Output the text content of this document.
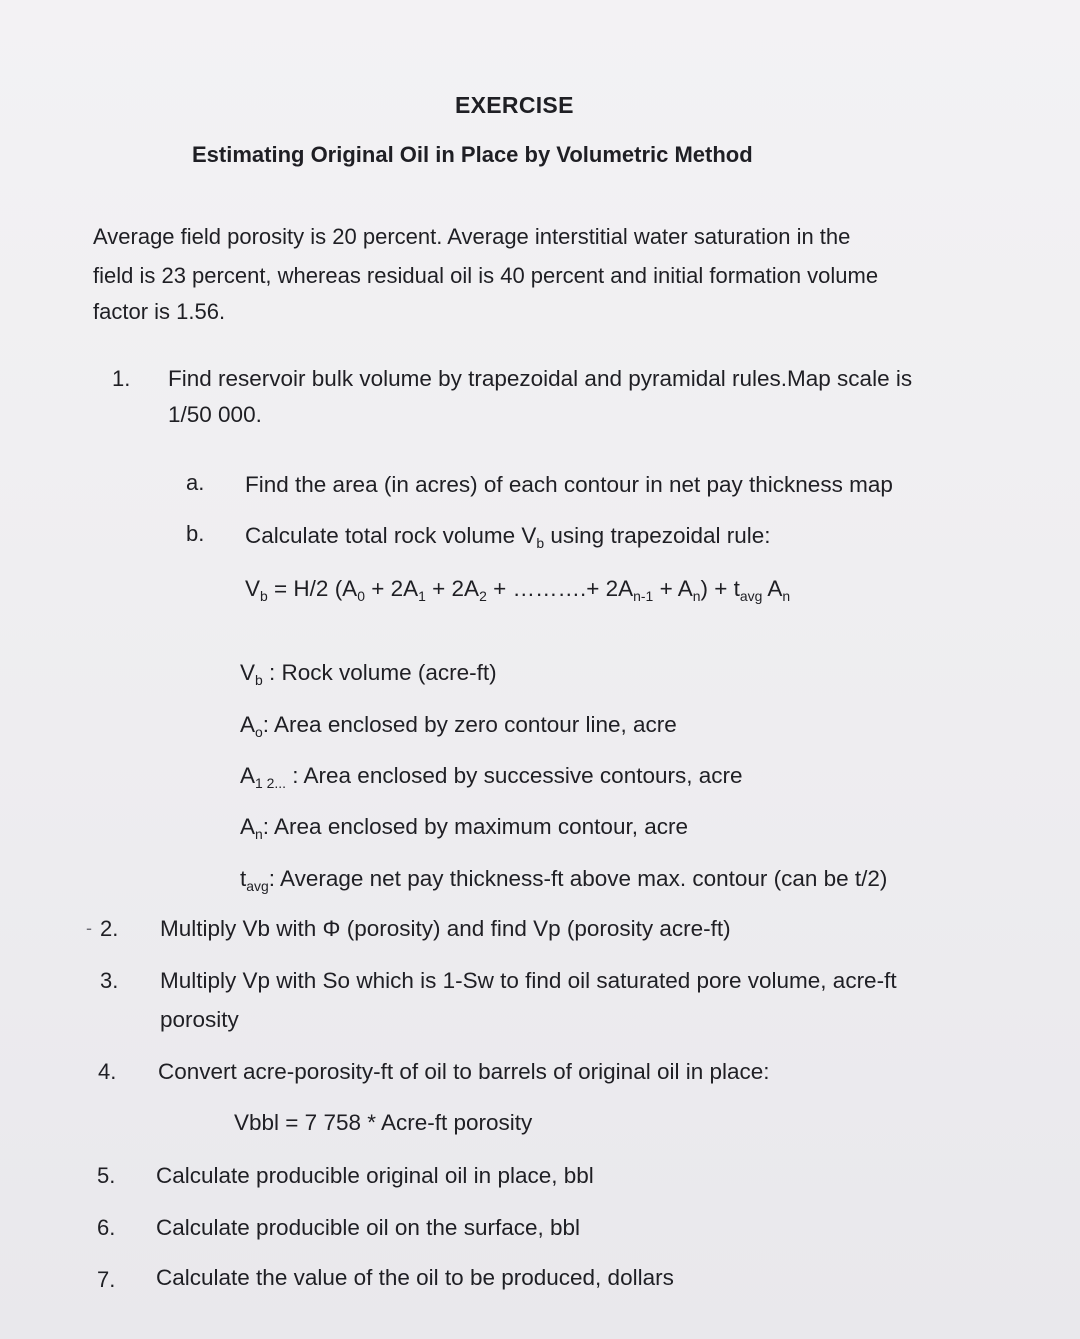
EXERCISE
Estimating Original Oil in Place by Volumetric Method
Average field porosity is 20 percent. Average interstitial water saturation in the
field is 23 percent, whereas residual oil is 40 percent and initial formation volume
factor is 1.56.
1. Find reservoir bulk volume by trapezoidal and pyramidal rules.Map scale is
1/50 000.
a. Find the area (in acres) of each contour in net pay thickness map
b. Calculate total rock volume $V_b$ using trapezoidal rule:
$V_b = H/2$ ($A_0 + 2A_1 + 2A_2$ + ……….+ $2A_{n-1} + A_n) + t_{avg}$ $A_n$
$V_b$ : Rock volume (acre-ft)
$A_o$: Area enclosed by zero contour line, acre
$A_{1 2...}$ : Area enclosed by successive contours, acre
$A_n$: Area enclosed by maximum contour, acre
$t_{avg}$: Average net pay thickness-ft above max. contour (can be t/2)
- 2. Multiply Vb with Φ (porosity) and find Vp (porosity acre-ft)
3. Multiply Vp with So which is 1-Sw to find oil saturated pore volume, acre-ft
porosity
4. Convert acre-porosity-ft of oil to barrels of original oil in place:
Vbbl = 7 758 * Acre-ft porosity
5. Calculate producible original oil in place, bbl
6. Calculate producible oil on the surface, bbl
7. Calculate the value of the oil to be produced, dollars
